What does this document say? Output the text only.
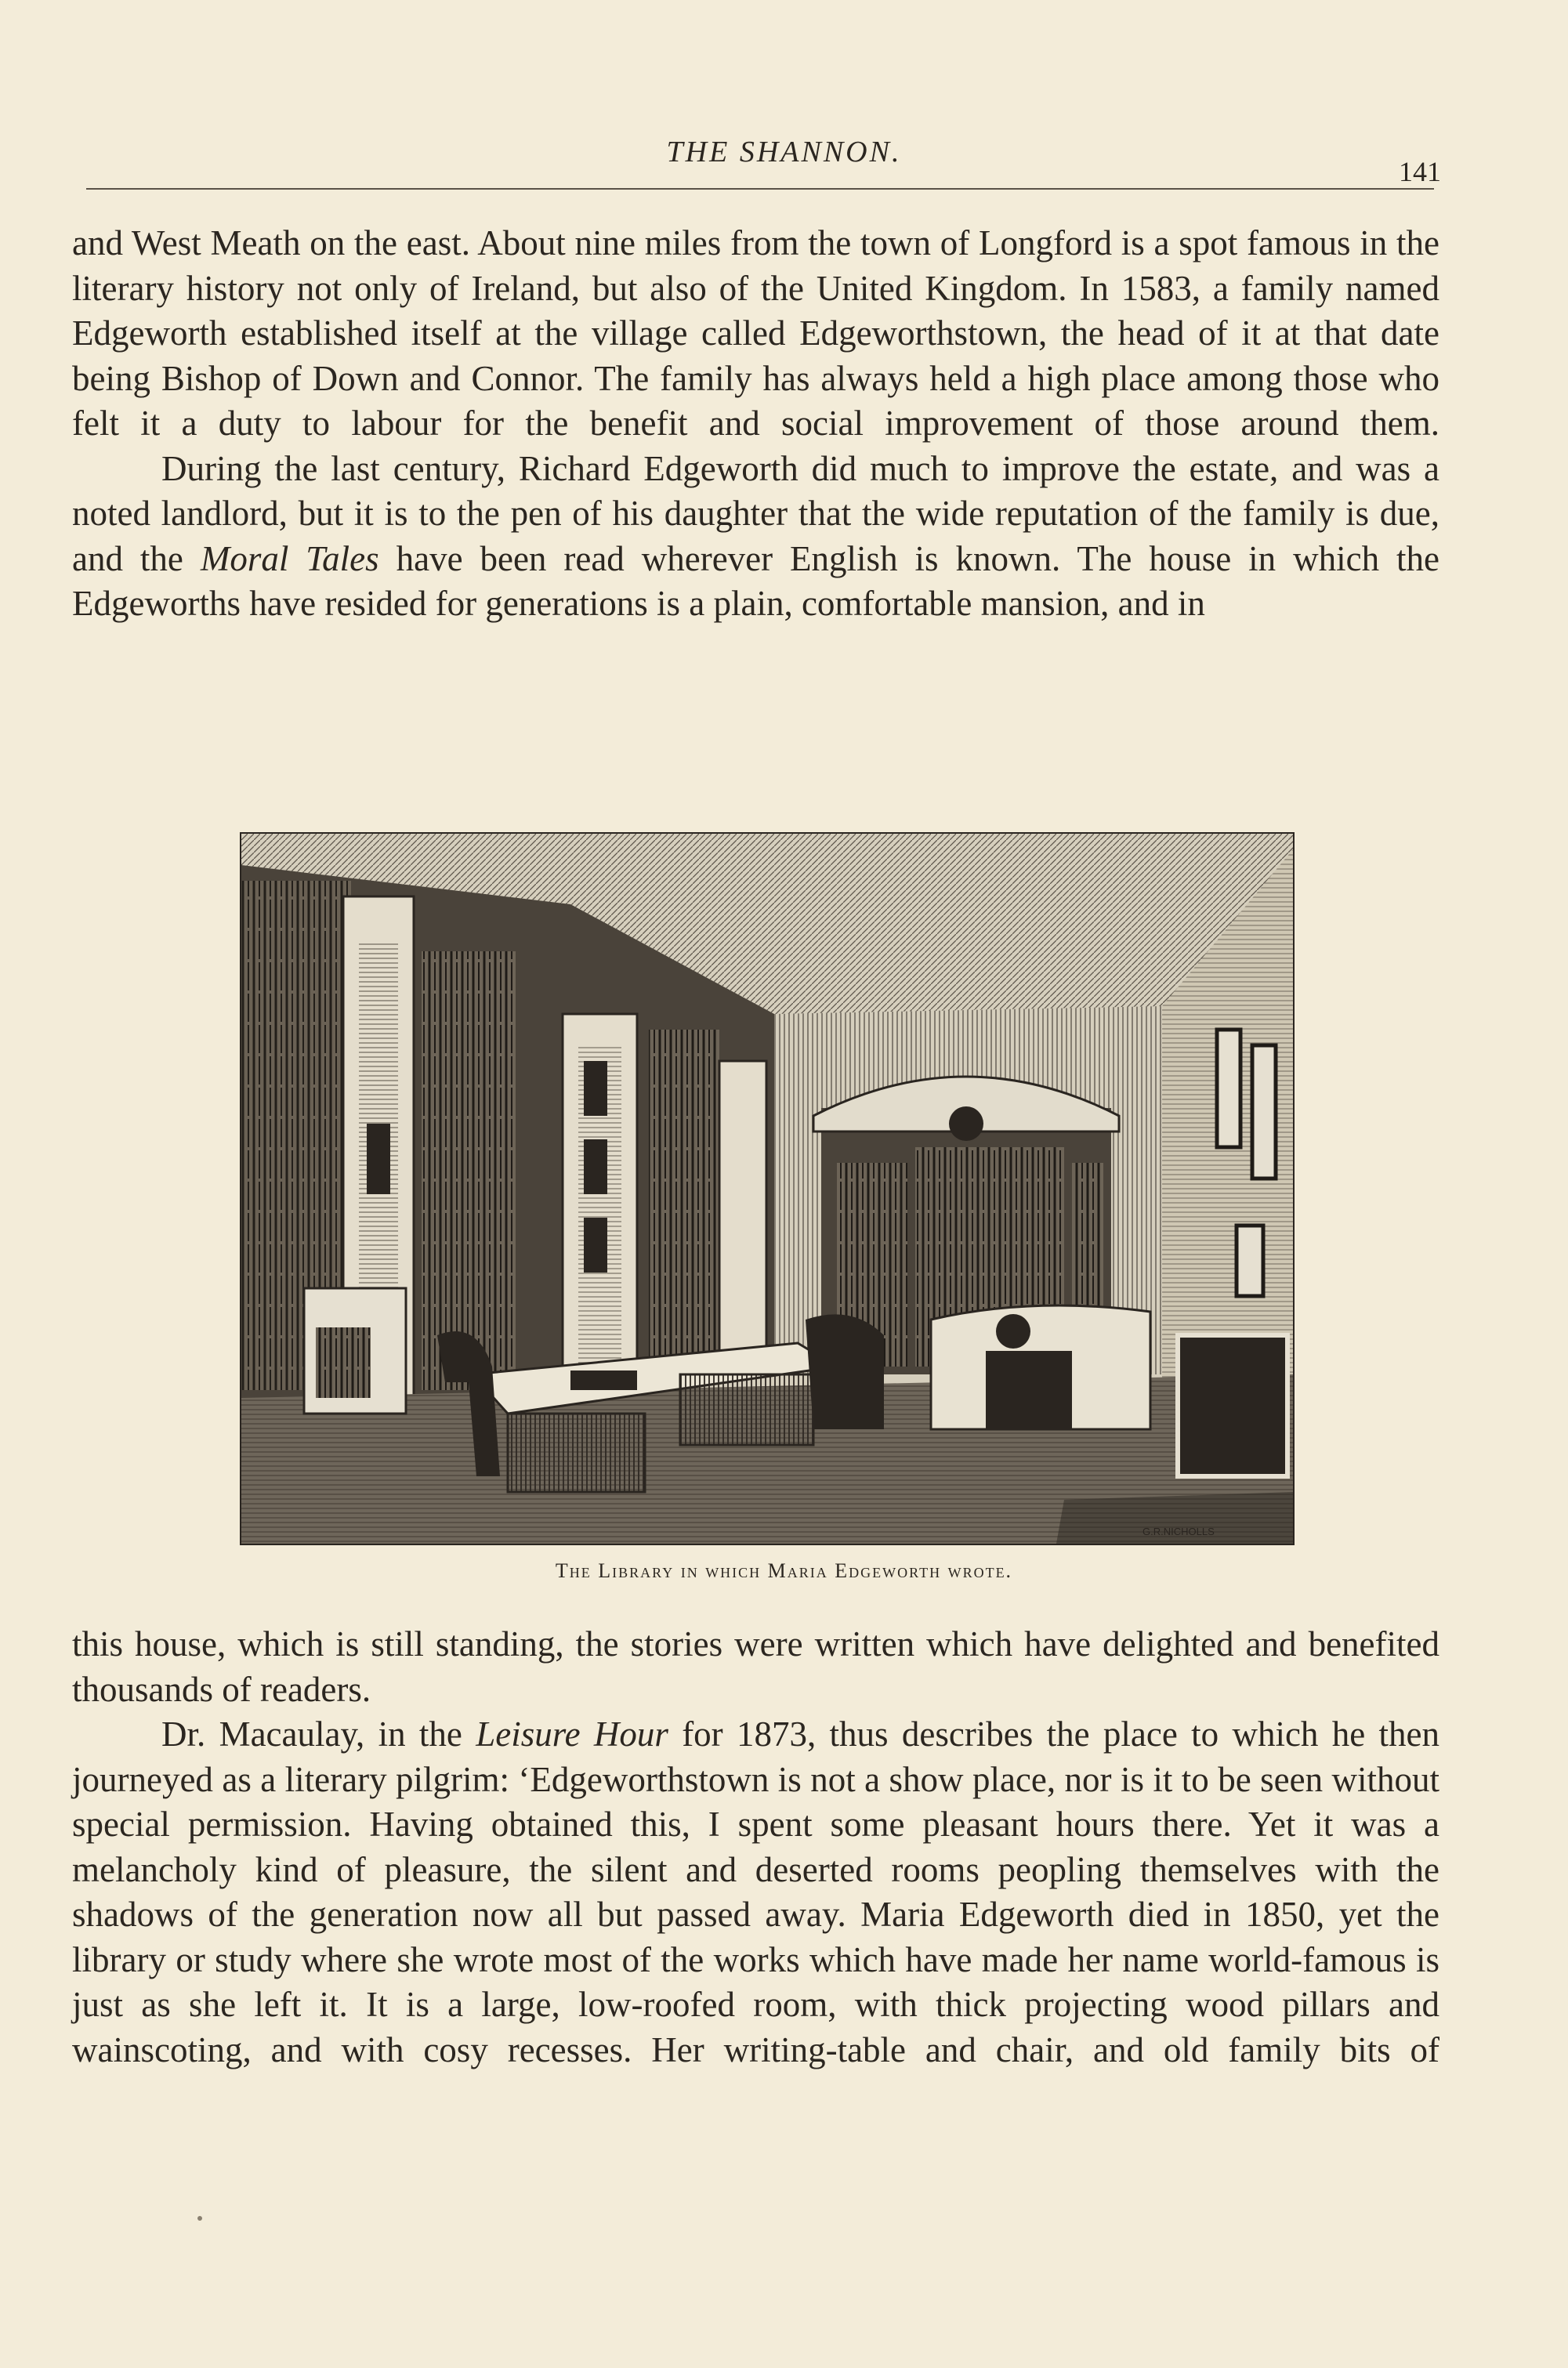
THE SHANNON.
141

and West Meath on the east. About nine miles from the town of Longford is a spot famous in the literary history not only of Ireland, but also of the United Kingdom. In 1583, a family named Edgeworth established itself at the village called Edgeworthstown, the head of it at that date being Bishop of Down and Connor. The family has always held a high place among those who felt it a duty to labour for the benefit and social improvement of those around them.

During the last century, Richard Edgeworth did much to improve the estate, and was a noted landlord, but it is to the pen of his daughter that the wide reputation of the family is due, and the Moral Tales have been read wherever English is known. The house in which the Edgeworths have resided for generations is a plain, comfortable mansion, and in

G.R.NICHOLLS
The Library in which Maria Edgeworth wrote.

this house, which is still standing, the stories were written which have delighted and benefited thousands of readers.

Dr. Macaulay, in the Leisure Hour for 1873, thus describes the place to which he then journeyed as a literary pilgrim: ‘Edgeworthstown is not a show place, nor is it to be seen without special permission. Having obtained this, I spent some pleasant hours there. Yet it was a melancholy kind of pleasure, the silent and deserted rooms peopling themselves with the shadows of the generation now all but passed away. Maria Edgeworth died in 1850, yet the library or study where she wrote most of the works which have made her name world-famous is just as she left it. It is a large, low-roofed room, with thick projecting wood pillars and wainscoting, and with cosy recesses. Her writing-table and chair, and old family bits of
